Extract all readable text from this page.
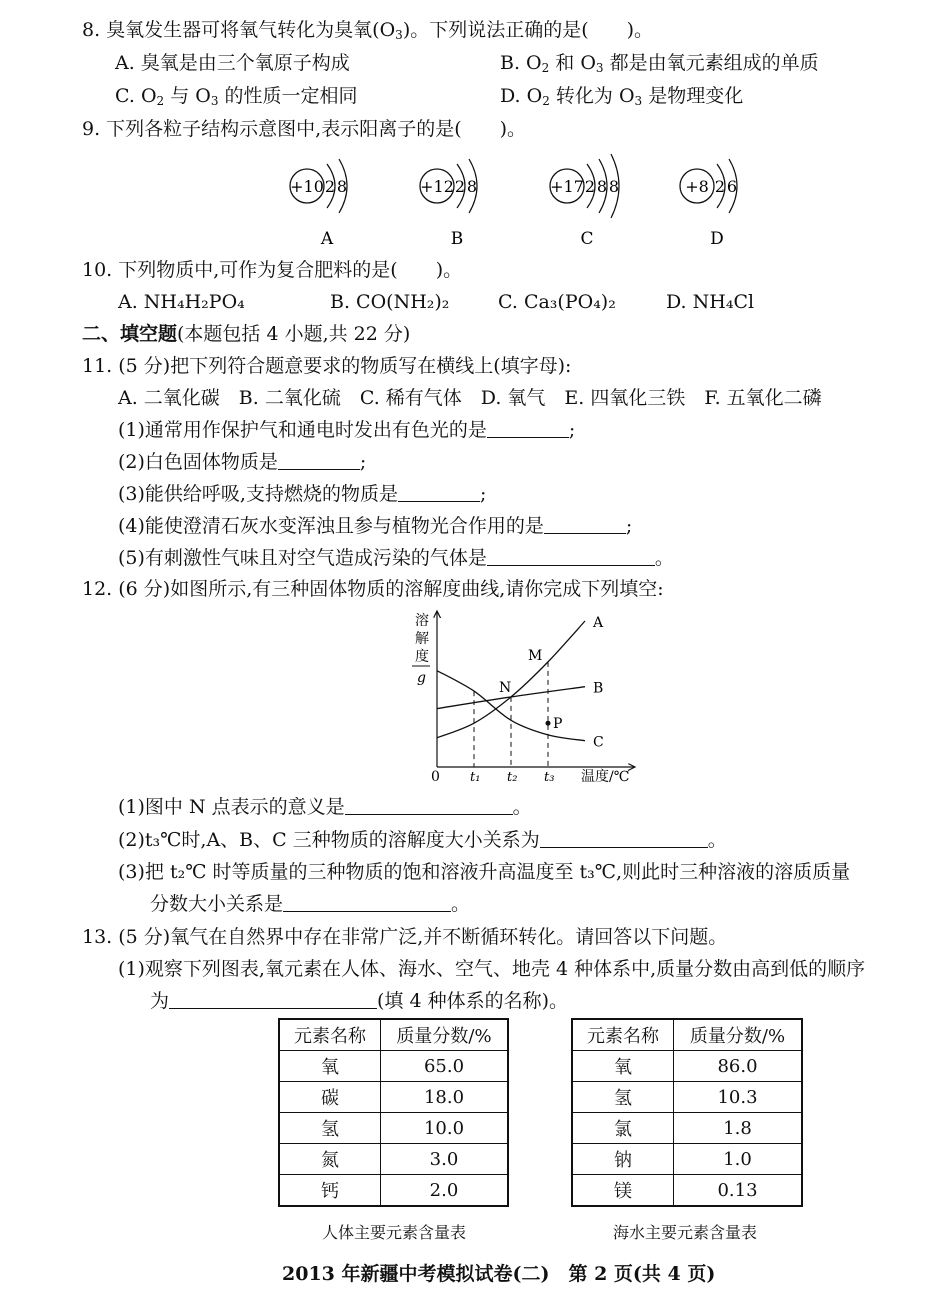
8. 臭氧发生器可将氧气转化为臭氧$(O_3)$。下列说法正确的是(　　)。
A. 臭氧是由三个氧原子构成	B. $O_2$ 和 $O_3$ 都是由氧元素组成的单质
C. $O_2$ 与 $O_3$ 的性质一定相同	D. $O_2$ 转化为 $O_3$ 是物理变化
9. 下列各粒子结构示意图中,表示阳离子的是(　　)。
+10 2 8
A
+12 2 8
B
+17 2 8 8
C
+8 2 6
D
10. 下列物质中,可作为复合肥料的是(　　)。
A. NH₄H₂PO₄	B. CO(NH₂)₂	C. Ca₃(PO₄)₂	D. NH₄Cl
二、填空题(本题包括 4 小题,共 22 分)
11. (5 分)把下列符合题意要求的物质写在横线上(填字母):
A. 二氧化碳　B. 二氧化硫　C. 稀有气体　D. 氧气　E. 四氧化三铁　F. 五氧化二磷
(1)通常用作保护气和通电时发出有色光的是	;
(2)白色固体物质是	;
(3)能供给呼吸,支持燃烧的物质是	;
(4)能使澄清石灰水变浑浊且参与植物光合作用的是	;
(5)有刺激性气味且对空气造成污染的气体是	。
12. (6 分)如图所示,有三种固体物质的溶解度曲线,请你完成下列填空:
t₁ t₂ t₃
A
B
C
M
N
P
溶
解
度
g
0	温度/℃
(1)图中 N 点表示的意义是	。
(2)t₃℃时,A、B、C 三种物质的溶解度大小关系为	。
(3)把 t₂℃ 时等质量的三种物质的饱和溶液升高温度至 t₃℃,则此时三种溶液的溶质质量
分数大小关系是	。
13. (5 分)氧气在自然界中存在非常广泛,并不断循环转化。请回答以下问题。
(1)观察下列图表,氧元素在人体、海水、空气、地壳 4 种体系中,质量分数由高到低的顺序
为	(填 4 种体系的名称)。
元素名称	质量分数/%
氧	65.0
碳	18.0
氢	10.0
氮	3.0
钙	2.0
人体主要元素含量表
元素名称	质量分数/%
氧	86.0
氢	10.3
氯	1.8
钠	1.0
镁	0.13
海水主要元素含量表
2013 年新疆中考模拟试卷(二)　第 2 页(共 4 页)
